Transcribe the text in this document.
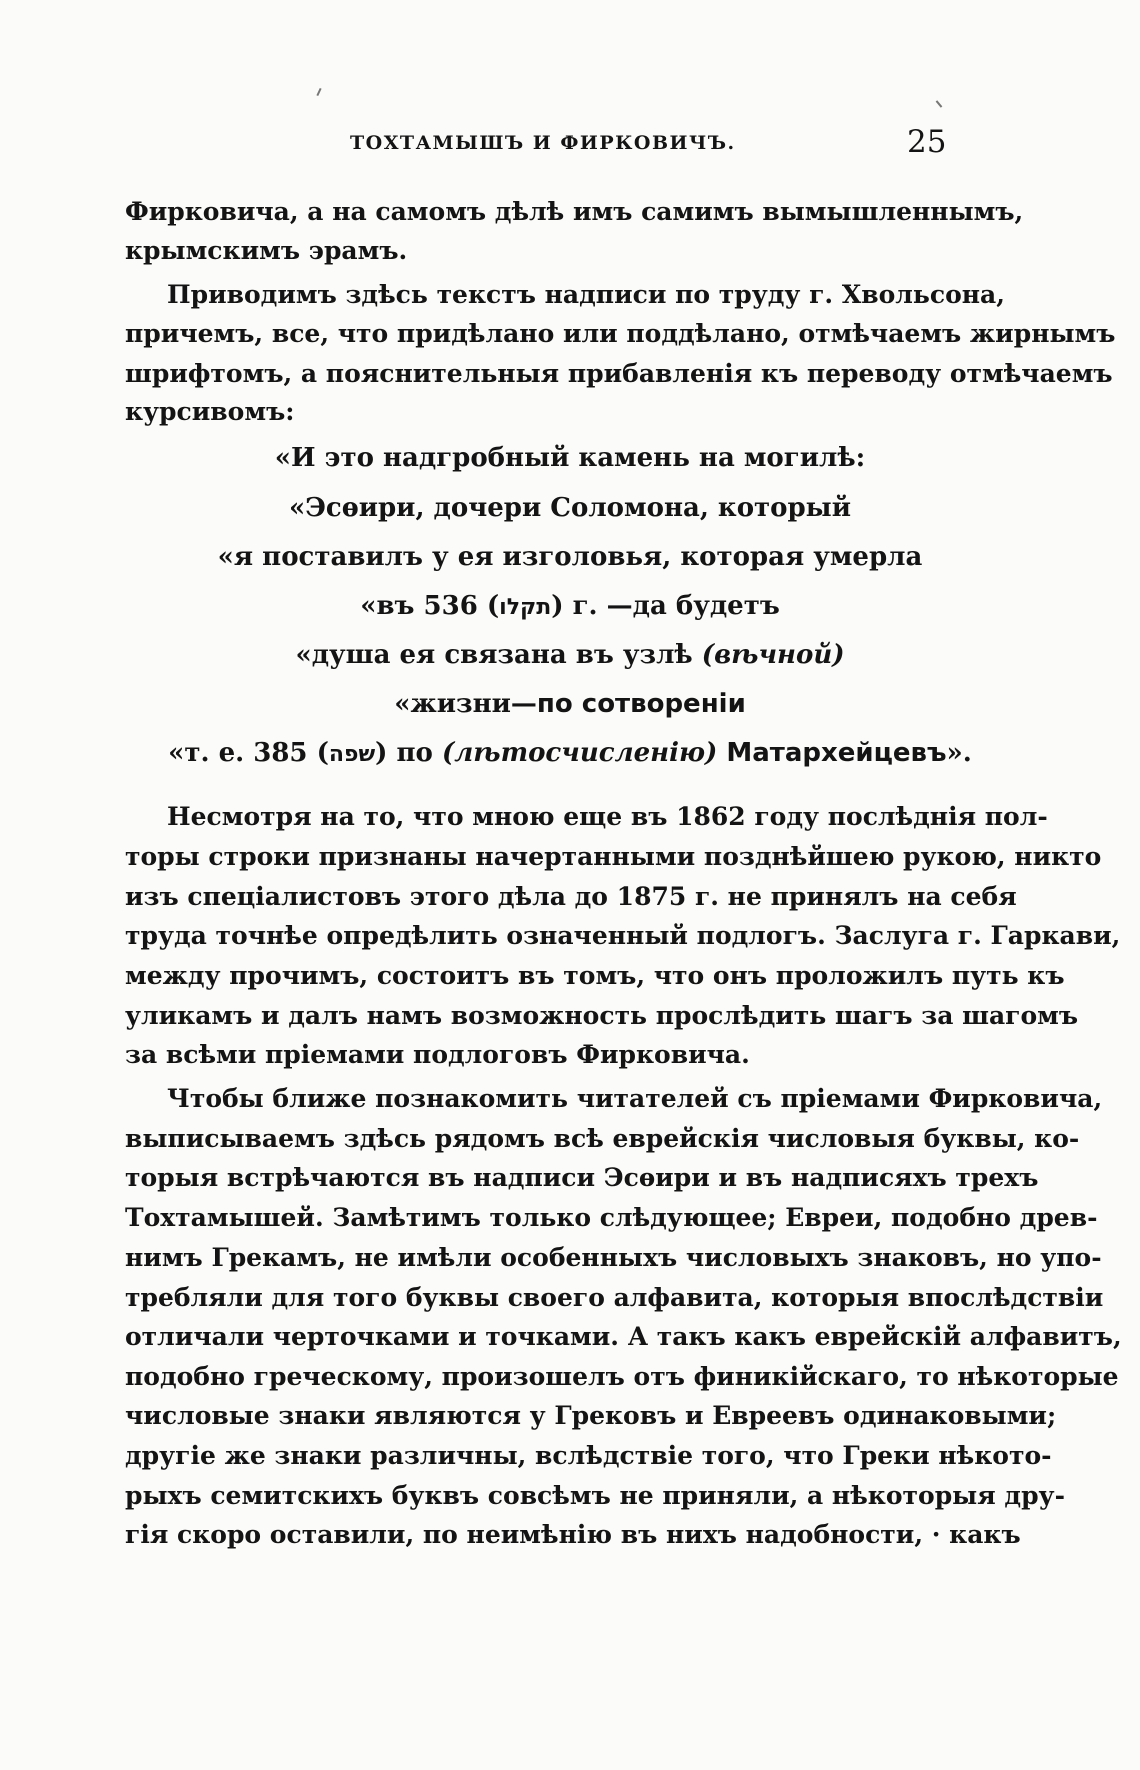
ТОХТАМЫШЪ И ФИРКОВИЧЪ.	25
Фирковича, а на самомъ дѣлѣ имъ самимъ вымышленнымъ,
крымскимъ эрамъ.
Приводимъ здѣсь текстъ надписи по труду г. Хвольсона,
причемъ, все, что придѣлано или поддѣлано, отмѣчаемъ жирнымъ
шрифтомъ, а пояснительныя прибавленія къ переводу отмѣчаемъ
курсивомъ:
«И это надгробный камень на могилѣ:
«Эсѳири, дочери Соломона, который
«я поставилъ у ея изголовья, которая умерла
«въ 536 (תקלו) г. —да будетъ
«душа ея связана въ узлѣ (вѣчной)
«жизни—по сотвореніи
«т. е. 385 (שפה) по (лѣтосчисленію) Матархейцевъ».
Несмотря на то, что мною еще въ 1862 году послѣднія пол-
торы строки признаны начертанными позднѣйшею рукою, никто
изъ спеціалистовъ этого дѣла до 1875 г. не принялъ на себя
труда точнѣе опредѣлить означенный подлогъ. Заслуга г. Гаркави,
между прочимъ, состоитъ въ томъ, что онъ проложилъ путь къ
уликамъ и далъ намъ возможность прослѣдить шагъ за шагомъ
за всѣми пріемами подлоговъ Фирковича.
Чтобы ближе познакомить читателей съ пріемами Фирковича,
выписываемъ здѣсь рядомъ всѣ еврейскія числовыя буквы, ко-
торыя встрѣчаются въ надписи Эсѳири и въ надписяхъ трехъ
Тохтамышей. Замѣтимъ только слѣдующее; Евреи, подобно древ-
нимъ Грекамъ, не имѣли особенныхъ числовыхъ знаковъ, но упо-
требляли для того буквы своего алфавита, которыя впослѣдствіи
отличали черточками и точками. А такъ какъ еврейскій алфавитъ,
подобно греческому, произошелъ отъ финикійскаго, то нѣкоторые
числовые знаки являются у Грековъ и Евреевъ одинаковыми;
другіе же знаки различны, вслѣдствіе того, что Греки нѣкото-
рыхъ семитскихъ буквъ совсѣмъ не приняли, а нѣкоторыя дру-
гія скоро оставили, по неимѣнію въ нихъ надобности, · какъ
